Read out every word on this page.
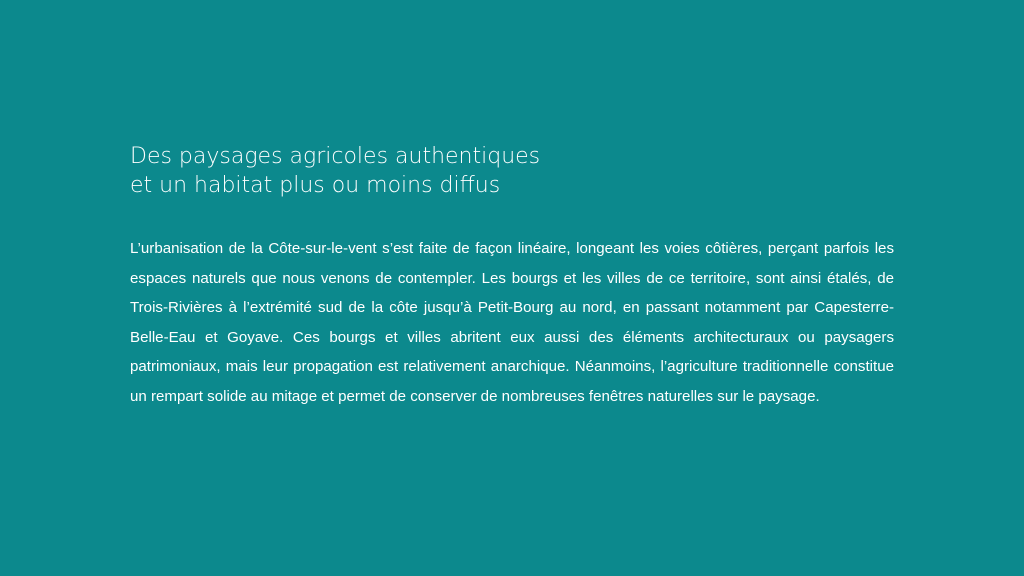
Des paysages agricoles authentiques
et un habitat plus ou moins diffus

L’urbanisation de la Côte-sur-le-vent s’est faite de façon linéaire, longeant les voies côtières, perçant parfois les espaces naturels que nous venons de contempler. Les bourgs et les villes de ce territoire, sont ainsi étalés, de Trois-Rivières à l’extrémité sud de la côte jusqu’à Petit-Bourg au nord, en passant notamment par Capesterre-Belle-Eau et Goyave. Ces bourgs et villes abritent eux aussi des éléments architecturaux ou paysagers patrimoniaux, mais leur propagation est relativement anarchique. Néanmoins, l’agriculture traditionnelle constitue un rempart solide au mitage et permet de conserver de nombreuses fenêtres naturelles sur le paysage.
